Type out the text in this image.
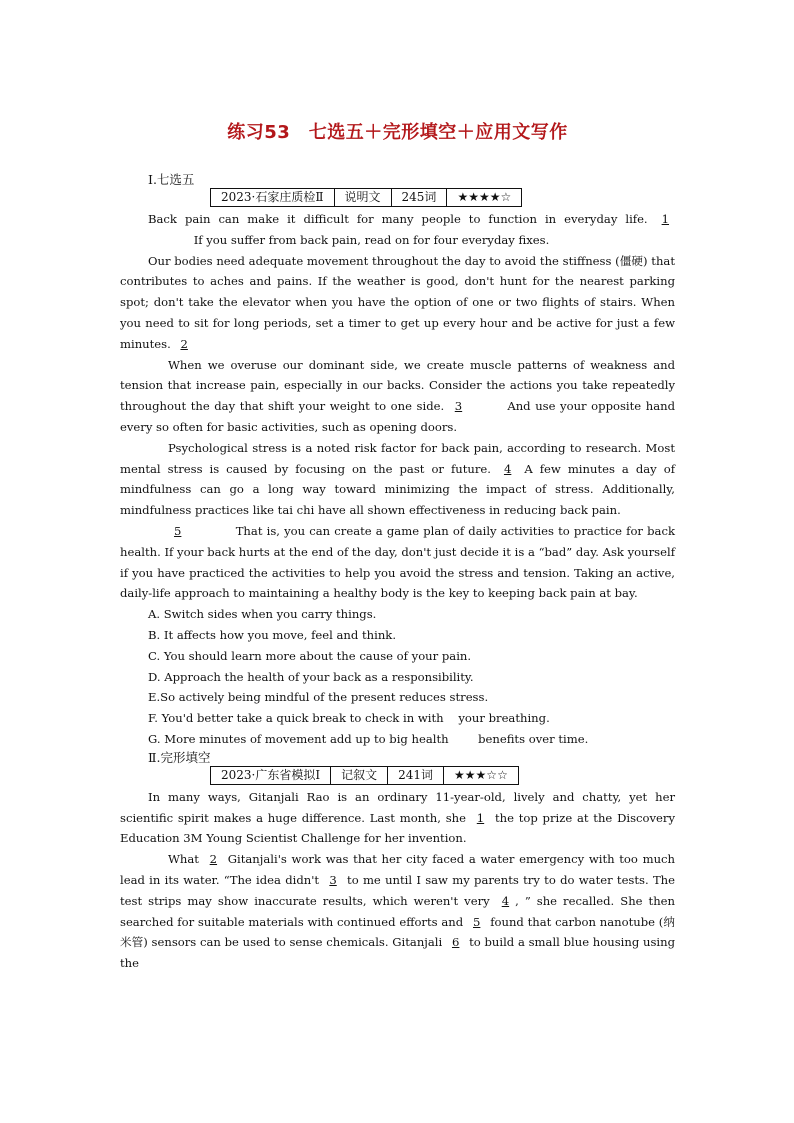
练习53　七选五＋完形填空＋应用文写作
Ⅰ.七选五
2023·石家庄质检Ⅱ	说明文	245词	★★★★☆

Back pain can make it difficult for many people to function in everyday life. 1  If you suffer from back pain, read on for four everyday fixes.

Our bodies need adequate movement throughout the day to avoid the stiffness (僵硬) that contributes to aches and pains. If the weather is good, don't hunt for the nearest parking spot; don't take the elevator when you have the option of one or two flights of stairs. When you need to sit for long periods, set a timer to get up every hour and be active for just a few minutes. 2

When we overuse our dominant side, we create muscle patterns of weakness and tension that increase pain, especially in our backs. Consider the actions you take repeatedly throughout the day that shift your weight to one side. 3	And use your opposite hand every so often for basic activities, such as opening doors.

Psychological stress is a noted risk factor for back pain, according to research. Most mental stress is caused by focusing on the past or future. 4 A few minutes a day of mindfulness can go a long way toward minimizing the impact of stress. Additionally, mindfulness practices like tai chi have all shown effectiveness in reducing back pain.

5	That is, you can create a game plan of daily activities to practice for back health. If your back hurts at the end of the day, don't just decide it is a “bad” day. Ask yourself if you have practiced the activities to help you avoid the stress and tension. Taking an active, daily-life approach to maintaining a healthy body is the key to keeping back pain at bay.

A. Switch sides when you carry things.
B. It affects how you move, feel and think.
C. You should learn more about the cause of your pain.
D. Approach the health of your back as a responsibility.
E.So actively being mindful of the present reduces stress.
F. You'd better take a quick break to check in with    your breathing.
G. More minutes of movement add up to big health        benefits over time.
Ⅱ.完形填空
2023·广东省模拟Ⅰ	记叙文	241词	★★★☆☆

In many ways, Gitanjali Rao is an ordinary 11-year-old, lively and chatty, yet her scientific spirit makes a huge difference. Last month, she 1 the top prize at the Discovery Education 3M Young Scientist Challenge for her invention.

What 2 Gitanjali's work was that her city faced a water emergency with too much lead in its water. “The idea didn't 3 to me until I saw my parents try to do water tests. The test strips may show inaccurate results, which weren't very 4 , ” she recalled. She then searched for suitable materials with continued efforts and 5 found that carbon nanotube (纳米管) sensors can be used to sense chemicals. Gitanjali 6 to build a small blue housing using the
